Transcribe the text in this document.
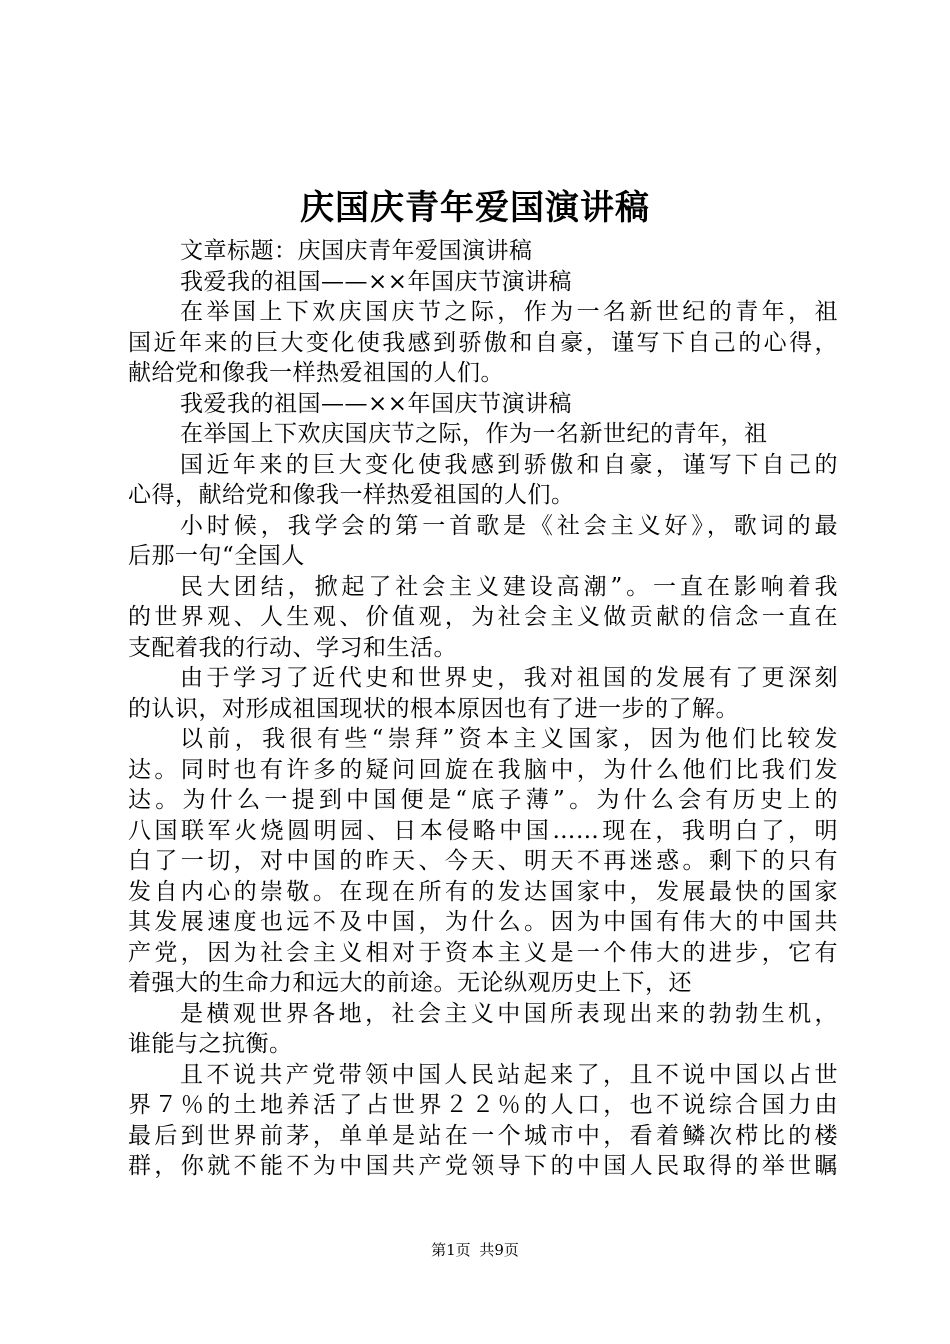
庆国庆青年爱国演讲稿
文章标题：庆国庆青年爱国演讲稿
我爱我的祖国——××年国庆节演讲稿
在举国上下欢庆国庆节之际，作为一名新世纪的青年，祖
国近年来的巨大变化使我感到骄傲和自豪，谨写下自己的心得，
献给党和像我一样热爱祖国的人们。
我爱我的祖国——××年国庆节演讲稿
在举国上下欢庆国庆节之际，作为一名新世纪的青年，祖
国近年来的巨大变化使我感到骄傲和自豪，谨写下自己的
心得，献给党和像我一样热爱祖国的人们。
小时候，我学会的第一首歌是《社会主义好》，歌词的最
后那一句“全国人
民大团结，掀起了社会主义建设高潮”。一直在影响着我
的世界观、人生观、价值观，为社会主义做贡献的信念一直在
支配着我的行动、学习和生活。
由于学习了近代史和世界史，我对祖国的发展有了更深刻
的认识，对形成祖国现状的根本原因也有了进一步的了解。
以前，我很有些“崇拜”资本主义国家，因为他们比较发
达。同时也有许多的疑问回旋在我脑中，为什么他们比我们发
达。为什么一提到中国便是“底子薄”。为什么会有历史上的
八国联军火烧圆明园、日本侵略中国……现在，我明白了，明
白了一切，对中国的昨天、今天、明天不再迷惑。剩下的只有
发自内心的崇敬。在现在所有的发达国家中，发展最快的国家
其发展速度也远不及中国，为什么。因为中国有伟大的中国共
产党，因为社会主义相对于资本主义是一个伟大的进步，它有
着强大的生命力和远大的前途。无论纵观历史上下，还
是横观世界各地，社会主义中国所表现出来的勃勃生机，
谁能与之抗衡。
且不说共产党带领中国人民站起来了，且不说中国以占世
界７％的土地养活了占世界２２％的人口，也不说综合国力由
最后到世界前茅，单单是站在一个城市中，看着鳞次栉比的楼
群，你就不能不为中国共产党领导下的中国人民取得的举世瞩
第1页 共9页
